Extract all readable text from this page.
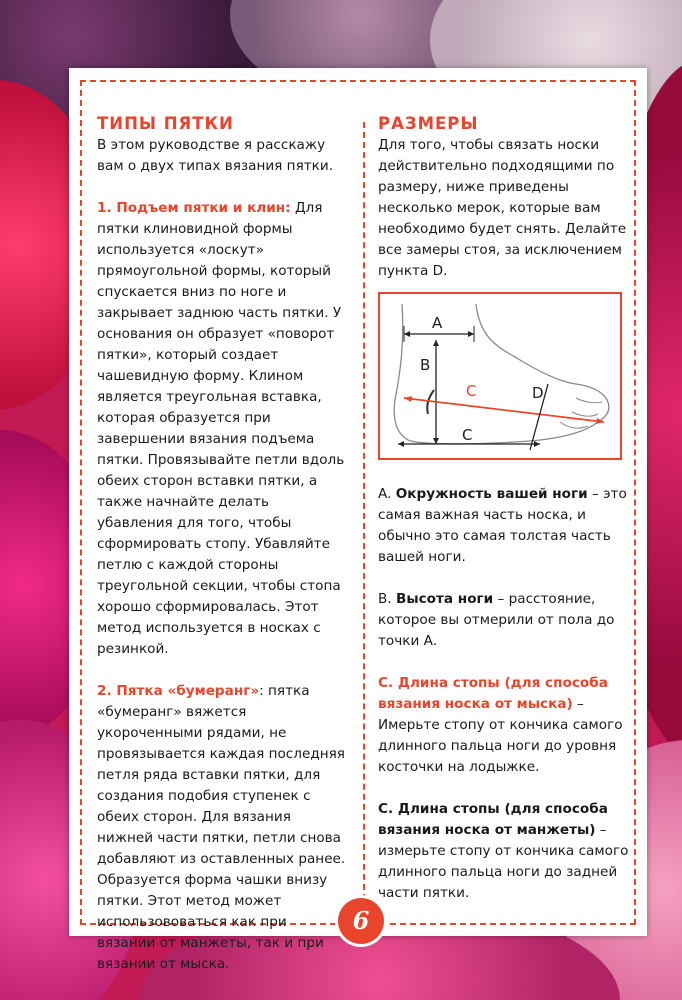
ТИПЫ ПЯТКИ

В этом руководстве я расскажу вам о двух типах вязания пятки.

1. Подъем пятки и клин: Для пятки клиновидной формы используется «лоскут» прямоугольной формы, который спускается вниз по ноге и закрывает заднюю часть пятки. У основания он образует «поворот пятки», который создает чашевидную форму. Клином является треугольная вставка, которая образуется при завершении вязания подъема пятки. Провязывайте петли вдоль обеих сторон вставки пятки, а также начнайте делать убавления для того, чтобы сформировать стопу. Убавляйте петлю с каждой стороны треугольной секции, чтобы стопа хорошо сформировалась. Этот метод используется в носках с резинкой.

2. Пятка «бумеранг»: пятка «бумеранг» вяжется укороченными рядами, не провязывается каждая последняя петля ряда вставки пятки, для создания подобия ступенек с обеих сторон. Для вязания нижней части пятки, петли снова добавляют из оставленных ранее. Образуется форма чашки внизу пятки. Этот метод может использововаться как при вязании от манжеты, так и при вязании от мыска.

РАЗМЕРЫ

Для того, чтобы связать носки действительно подходящими по размеру, ниже приведены несколько мерок, которые вам необходимо будет снять. Делайте все замеры стоя, за исключением пункта D.

A
B
C
C
D

A. Окружность вашей ноги – это самая важная часть носка, и обычно это самая толстая часть вашей ноги.

B. Высота ноги – расстояние, которое вы отмерили от пола до точки А.

С. Длина стопы (для способа вязания носка от мыска) – Имерьте стопу от кончика самого длинного пальца ноги до уровня косточки на лодыжке.

C. Длина стопы (для способа вязания носка от манжеты) – измерьте стопу от кончика самого длинного пальца ноги до задней части пятки.

6
